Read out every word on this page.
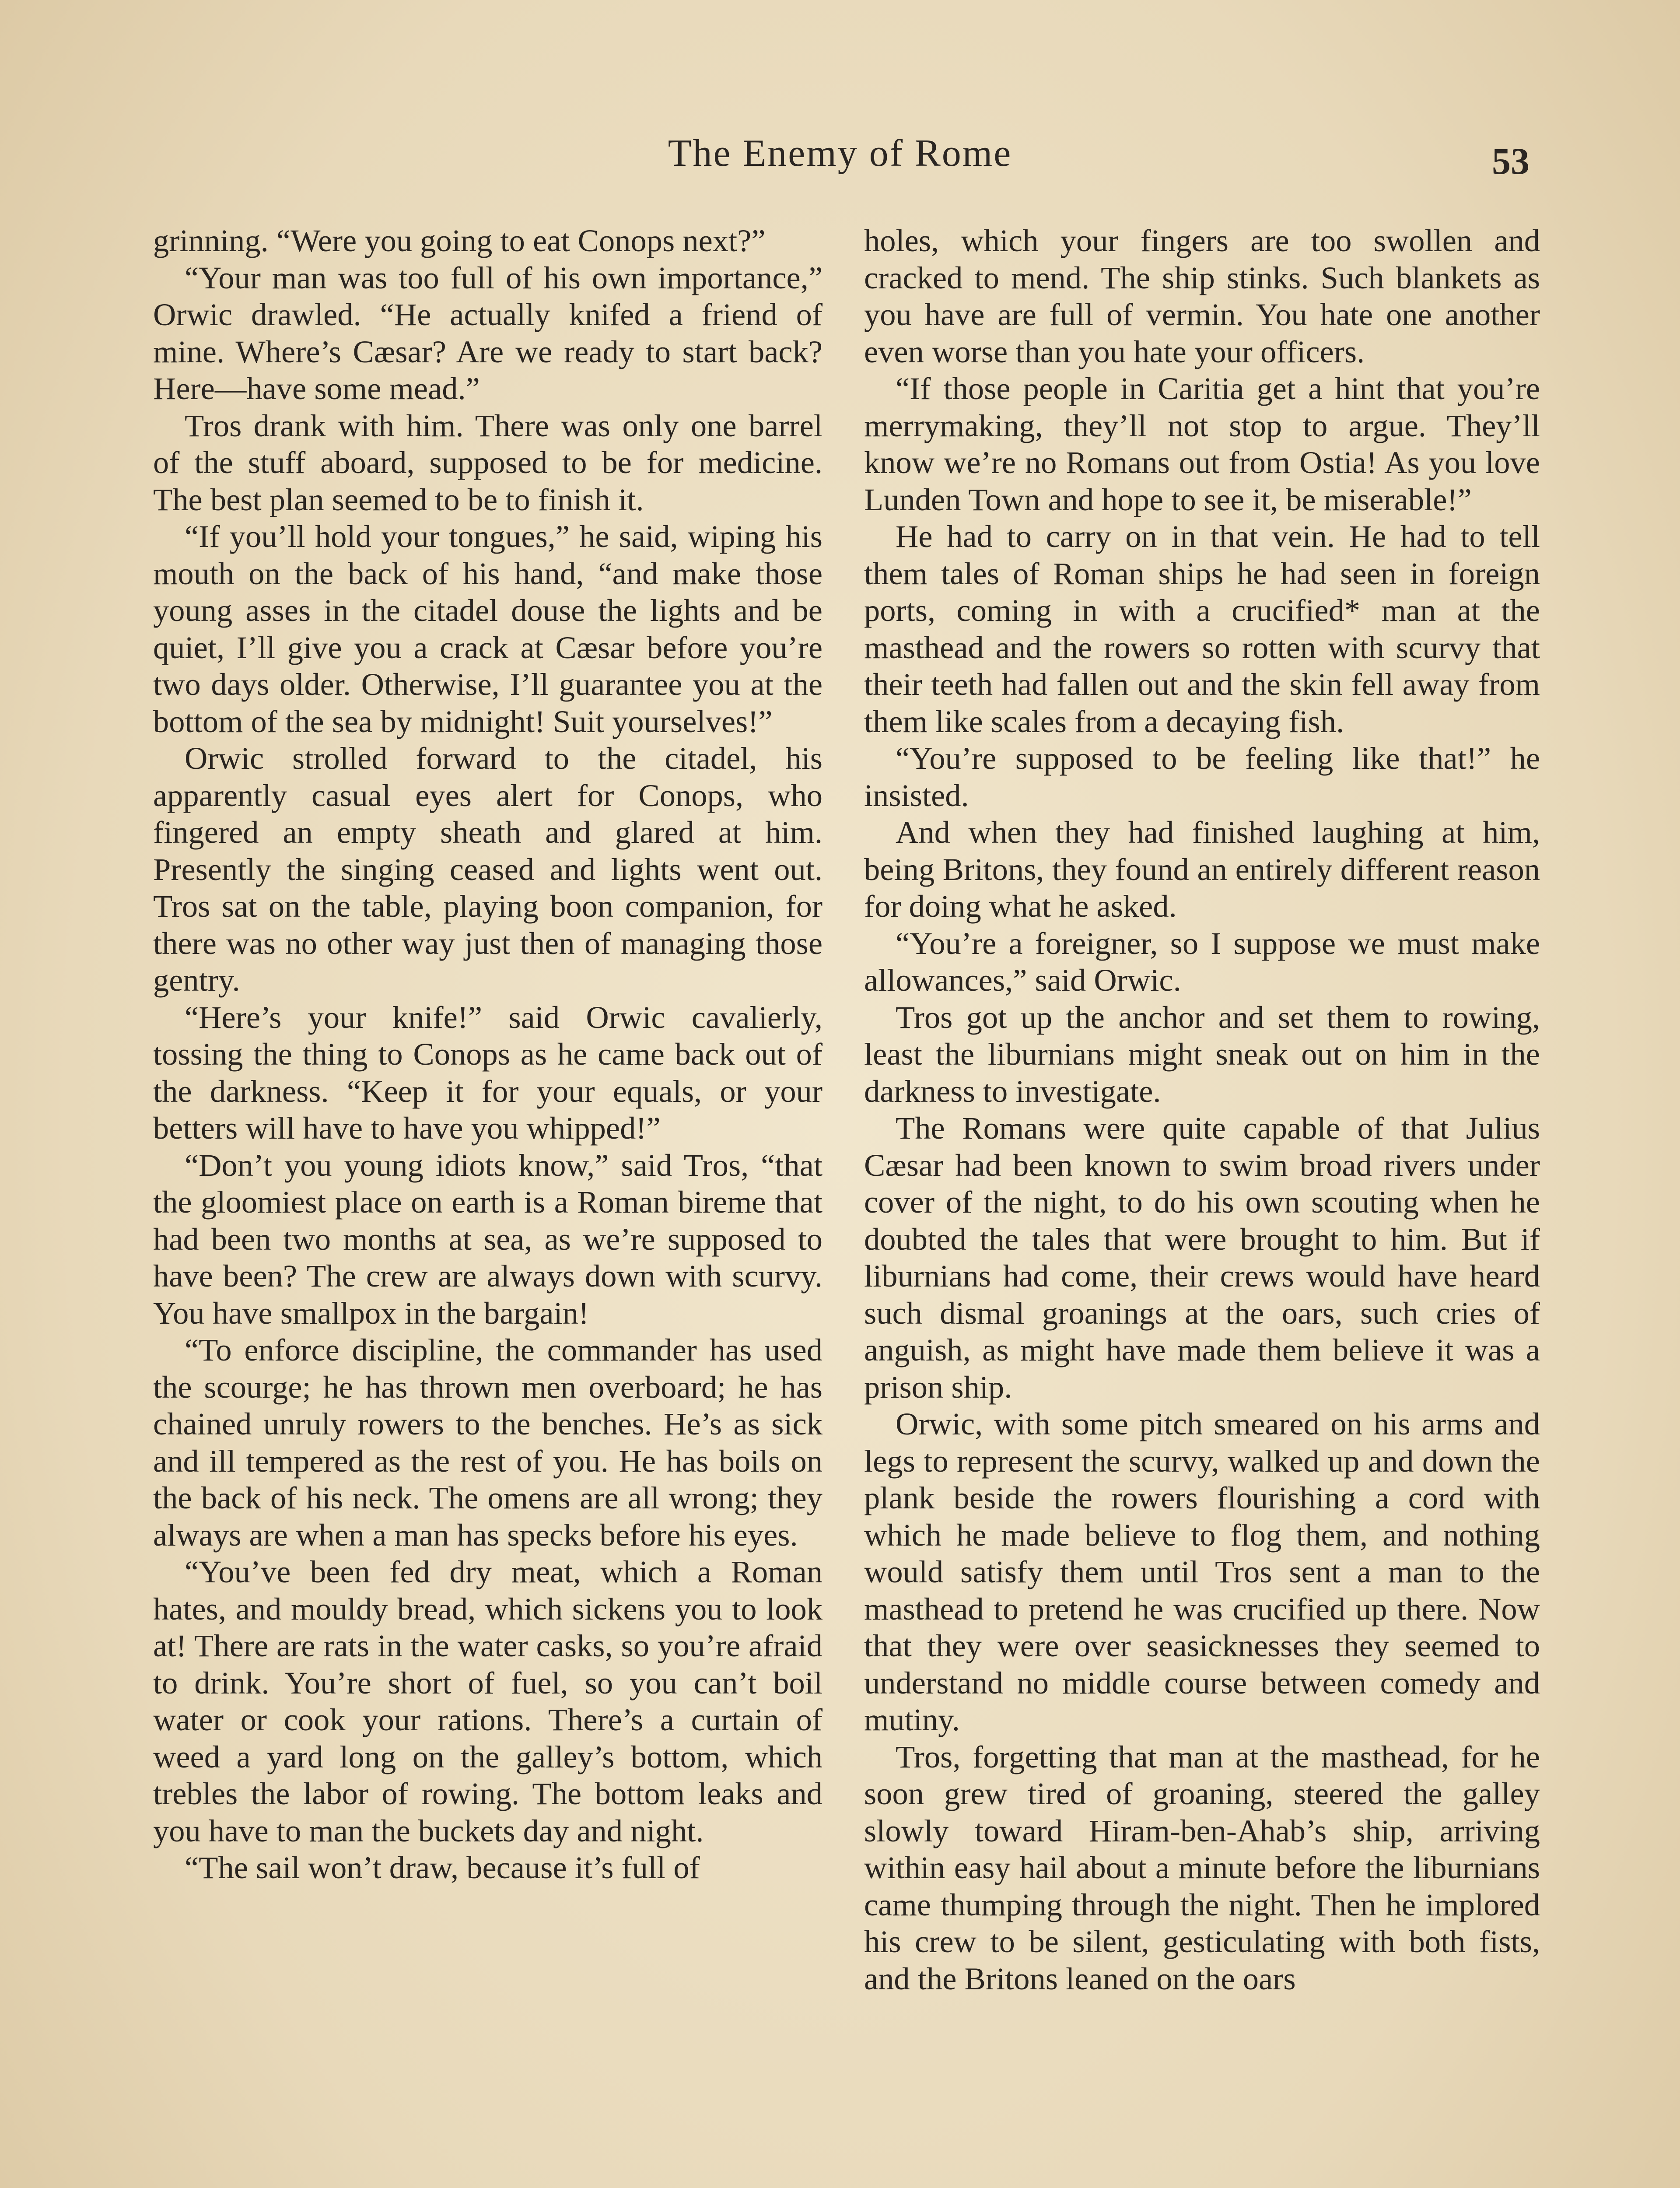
The Enemy of Rome	53

grinning. “Were you going to eat Conops next?”

“Your man was too full of his own importance,” Orwic drawled. “He actually knifed a friend of mine. Where’s Cæsar? Are we ready to start back? Here—have some mead.”

Tros drank with him. There was only one barrel of the stuff aboard, supposed to be for medicine. The best plan seemed to be to finish it.

“If you’ll hold your tongues,” he said, wiping his mouth on the back of his hand, “and make those young asses in the citadel douse the lights and be quiet, I’ll give you a crack at Cæsar before you’re two days older. Otherwise, I’ll guarantee you at the bottom of the sea by midnight! Suit yourselves!”

Orwic strolled forward to the citadel, his apparently casual eyes alert for Conops, who fingered an empty sheath and glared at him. Presently the singing ceased and lights went out. Tros sat on the table, playing boon companion, for there was no other way just then of managing those gentry.

“Here’s your knife!” said Orwic cavalierly, tossing the thing to Conops as he came back out of the darkness. “Keep it for your equals, or your betters will have to have you whipped!”

“Don’t you young idiots know,” said Tros, “that the gloomiest place on earth is a Roman bireme that had been two months at sea, as we’re supposed to have been? The crew are always down with scurvy. You have smallpox in the bargain!

“To enforce discipline, the commander has used the scourge; he has thrown men overboard; he has chained unruly rowers to the benches. He’s as sick and ill tempered as the rest of you. He has boils on the back of his neck. The omens are all wrong; they always are when a man has specks before his eyes.

“You’ve been fed dry meat, which a Roman hates, and mouldy bread, which sickens you to look at! There are rats in the water casks, so you’re afraid to drink. You’re short of fuel, so you can’t boil water or cook your rations. There’s a curtain of weed a yard long on the galley’s bottom, which trebles the labor of rowing. The bottom leaks and you have to man the buckets day and night.

“The sail won’t draw, because it’s full of

holes, which your fingers are too swollen and cracked to mend. The ship stinks. Such blankets as you have are full of vermin. You hate one another even worse than you hate your officers.

“If those people in Caritia get a hint that you’re merrymaking, they’ll not stop to argue. They’ll know we’re no Romans out from Ostia! As you love Lunden Town and hope to see it, be miserable!”

He had to carry on in that vein. He had to tell them tales of Roman ships he had seen in foreign ports, coming in with a crucified* man at the masthead and the rowers so rotten with scurvy that their teeth had fallen out and the skin fell away from them like scales from a decaying fish.

“You’re supposed to be feeling like that!” he insisted.

And when they had finished laughing at him, being Britons, they found an entirely different reason for doing what he asked.

“You’re a foreigner, so I suppose we must make allowances,” said Orwic.

Tros got up the anchor and set them to rowing, least the liburnians might sneak out on him in the darkness to investigate.

The Romans were quite capable of that Julius Cæsar had been known to swim broad rivers under cover of the night, to do his own scouting when he doubted the tales that were brought to him. But if liburnians had come, their crews would have heard such dismal groanings at the oars, such cries of anguish, as might have made them believe it was a prison ship.

Orwic, with some pitch smeared on his arms and legs to represent the scurvy, walked up and down the plank beside the rowers flourishing a cord with which he made believe to flog them, and nothing would satisfy them until Tros sent a man to the masthead to pretend he was crucified up there. Now that they were over seasicknesses they seemed to understand no middle course between comedy and mutiny.

Tros, forgetting that man at the masthead, for he soon grew tired of groaning, steered the galley slowly toward Hiram-ben-Ahab’s ship, arriving within easy hail about a minute before the liburnians came thumping through the night. Then he implored his crew to be silent, gesticulating with both fists, and the Britons leaned on the oars
